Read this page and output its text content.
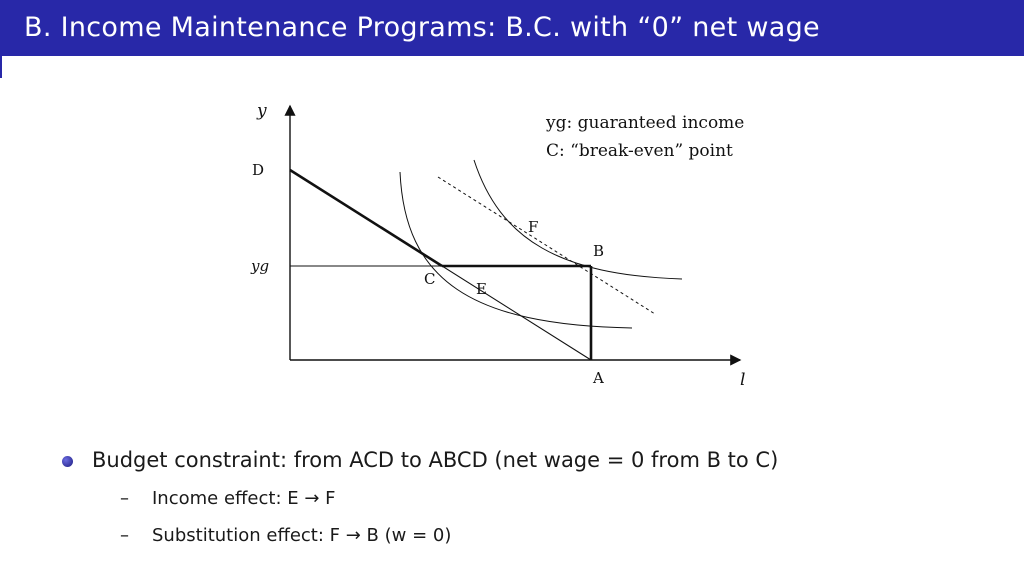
B. Income Maintenance Programs: B.C. with “0” net wage
y
l
D
yg
C
E
F
B
A
yg: guaranteed income
C: “break-even” point
Budget constraint: from ACD to ABCD (net wage = 0 from B to C)
– Income effect: E → F
– Substitution effect: F → B (w = 0)
